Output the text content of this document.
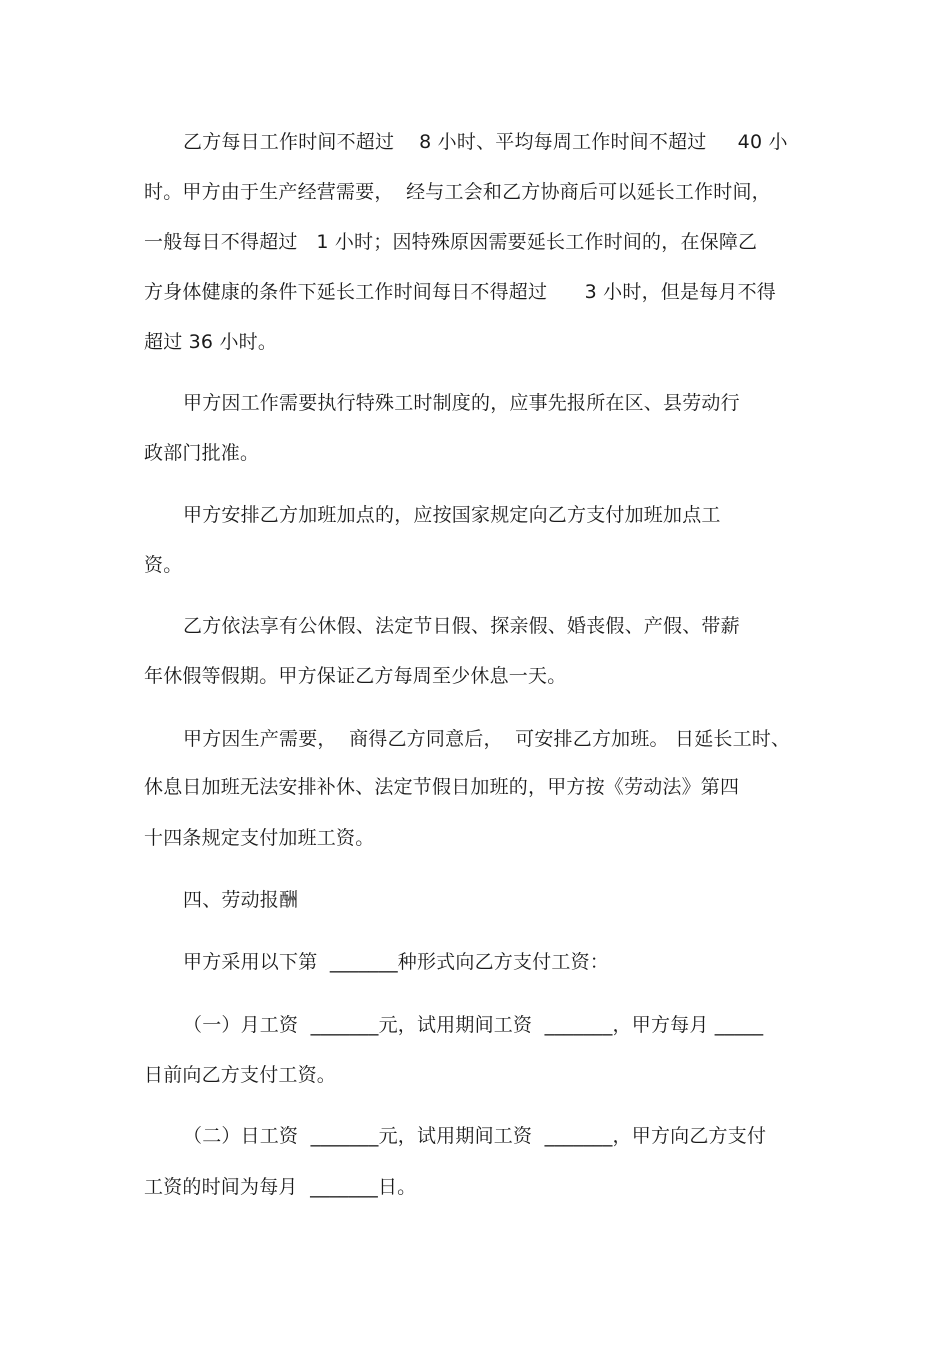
乙方每日工作时间不超过    8 小时、平均每周工作时间不超过     40 小
时。甲方由于生产经营需要，  经与工会和乙方协商后可以延长工作时间，
一般每日不得超过   1 小时；因特殊原因需要延长工作时间的，在保障乙
方身体健康的条件下延长工作时间每日不得超过      3 小时，但是每月不得
超过 36 小时。
甲方因工作需要执行特殊工时制度的，应事先报所在区、县劳动行
政部门批准。
甲方安排乙方加班加点的，应按国家规定向乙方支付加班加点工
资。
乙方依法享有公休假、法定节日假、探亲假、婚丧假、产假、带薪
年休假等假期。甲方保证乙方每周至少休息一天。
甲方因生产需要，  商得乙方同意后，  可安排乙方加班。 日延长工时、
休息日加班无法安排补休、法定节假日加班的，甲方按《劳动法》第四
十四条规定支付加班工资。
四、劳动报酬
甲方采用以下第  _______种形式向乙方支付工资：
（一）月工资  _______元，试用期间工资  _______，甲方每月 _____
日前向乙方支付工资。
（二）日工资  _______元，试用期间工资  _______，甲方向乙方支付
工资的时间为每月  _______日。
